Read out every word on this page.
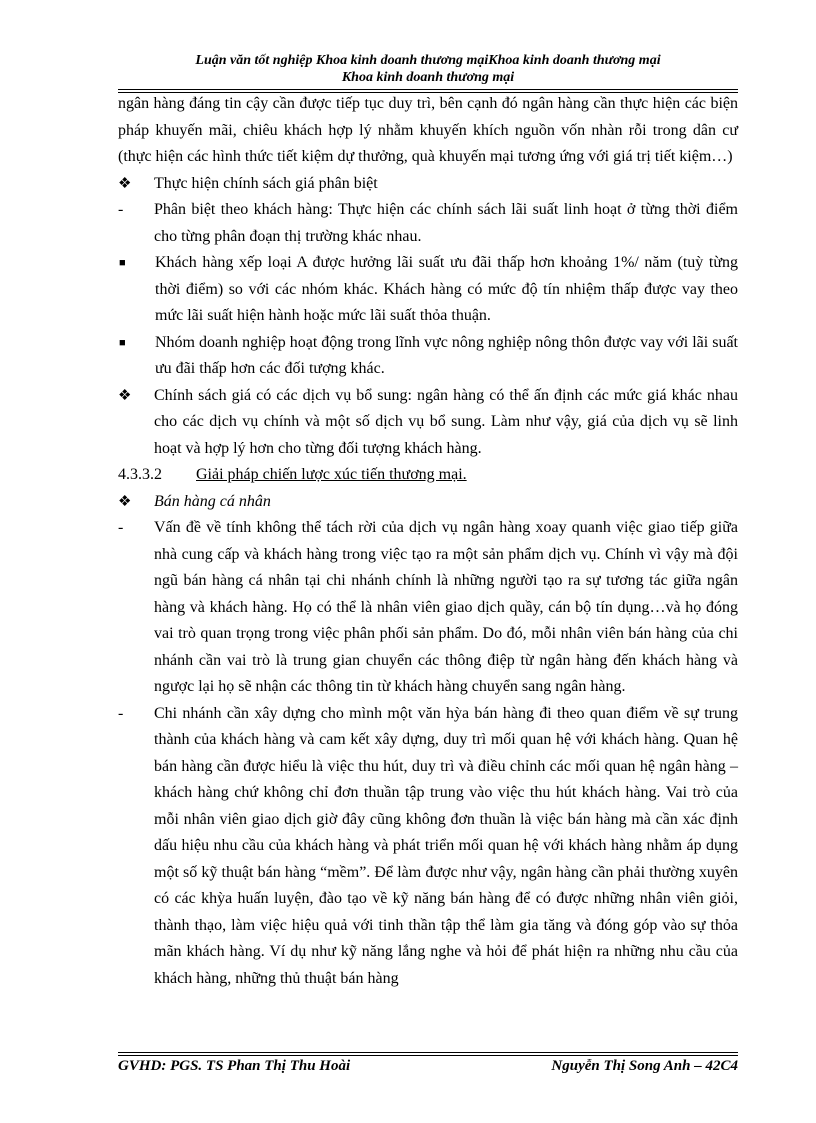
Luận văn tốt nghiệp Khoa kinh doanh thương mạiKhoa kinh doanh thương mại
Khoa kinh doanh thương mại

ngân hàng đáng tin cậy cần được tiếp tục duy trì, bên cạnh đó ngân hàng cần thực hiện các biện pháp khuyến mãi, chiêu khách hợp lý nhằm khuyến khích nguồn vốn nhàn rỗi trong dân cư (thực hiện các hình thức tiết kiệm dự thưởng, quà khuyến mại tương ứng với giá trị tiết kiệm…)

❖	Thực hiện chính sách giá phân biệt
-	Phân biệt theo khách hàng: Thực hiện các chính sách lãi suất linh hoạt ở từng thời điểm cho từng phân đoạn thị trường khác nhau.
■	Khách hàng xếp loại A được hưởng lãi suất ưu đãi thấp hơn khoảng 1%/ năm (tuỳ từng thời điểm) so với các nhóm khác. Khách hàng có mức độ tín nhiệm thấp được vay theo mức lãi suất hiện hành hoặc mức lãi suất thỏa thuận.
■	Nhóm doanh nghiệp hoạt động trong lĩnh vực nông nghiệp nông thôn được vay với lãi suất ưu đãi thấp hơn các đối tượng khác.
❖	Chính sách giá có các dịch vụ bổ sung: ngân hàng có thể ấn định các mức giá khác nhau cho các dịch vụ chính và một số dịch vụ bổ sung. Làm như vậy, giá của dịch vụ sẽ linh hoạt và hợp lý hơn cho từng đối tượng khách hàng.
4.3.3.2	Giải pháp chiến lược xúc tiến thương mại.
❖	Bán hàng cá nhân
-	Vấn đề về tính không thể tách rời của dịch vụ ngân hàng xoay quanh việc giao tiếp giữa nhà cung cấp và khách hàng trong việc tạo ra một sản phẩm dịch vụ. Chính vì vậy mà đội ngũ bán hàng cá nhân tại chi nhánh chính là những người tạo ra sự tương tác giữa ngân hàng và khách hàng. Họ có thể là nhân viên giao dịch quầy, cán bộ tín dụng…và họ đóng vai trò quan trọng trong việc phân phối sản phẩm. Do đó, mỗi nhân viên bán hàng của chi nhánh cần vai trò là trung gian chuyển các thông điệp từ ngân hàng đến khách hàng và ngược lại họ sẽ nhận các thông tin từ khách hàng chuyển sang ngân hàng.
-	Chi nhánh cần xây dựng cho mình một văn hỳa bán hàng đi theo quan điểm về sự trung thành của khách hàng và cam kết xây dựng, duy trì mối quan hệ với khách hàng. Quan hệ bán hàng cần được hiểu là việc thu hút, duy trì và điều chỉnh các mối quan hệ ngân hàng – khách hàng chứ không chỉ đơn thuần tập trung vào việc thu hút khách hàng. Vai trò của mỗi nhân viên giao dịch giờ đây cũng không đơn thuần là việc bán hàng mà cần xác định dấu hiệu nhu cầu của khách hàng và phát triển mối quan hệ với khách hàng nhằm áp dụng một số kỹ thuật bán hàng “mềm”. Để làm được như vậy, ngân hàng cần phải thường xuyên có các khỳa huấn luyện, đào tạo về kỹ năng bán hàng để có được những nhân viên giỏi, thành thạo, làm việc hiệu quả với tinh thần tập thể làm gia tăng và đóng góp vào sự thỏa mãn khách hàng. Ví dụ như kỹ năng lắng nghe và hỏi để phát hiện ra những nhu cầu của khách hàng, những thủ thuật bán hàng
GVHD: PGS. TS Phan Thị Thu Hoài	Nguyễn Thị Song Anh – 42C4
